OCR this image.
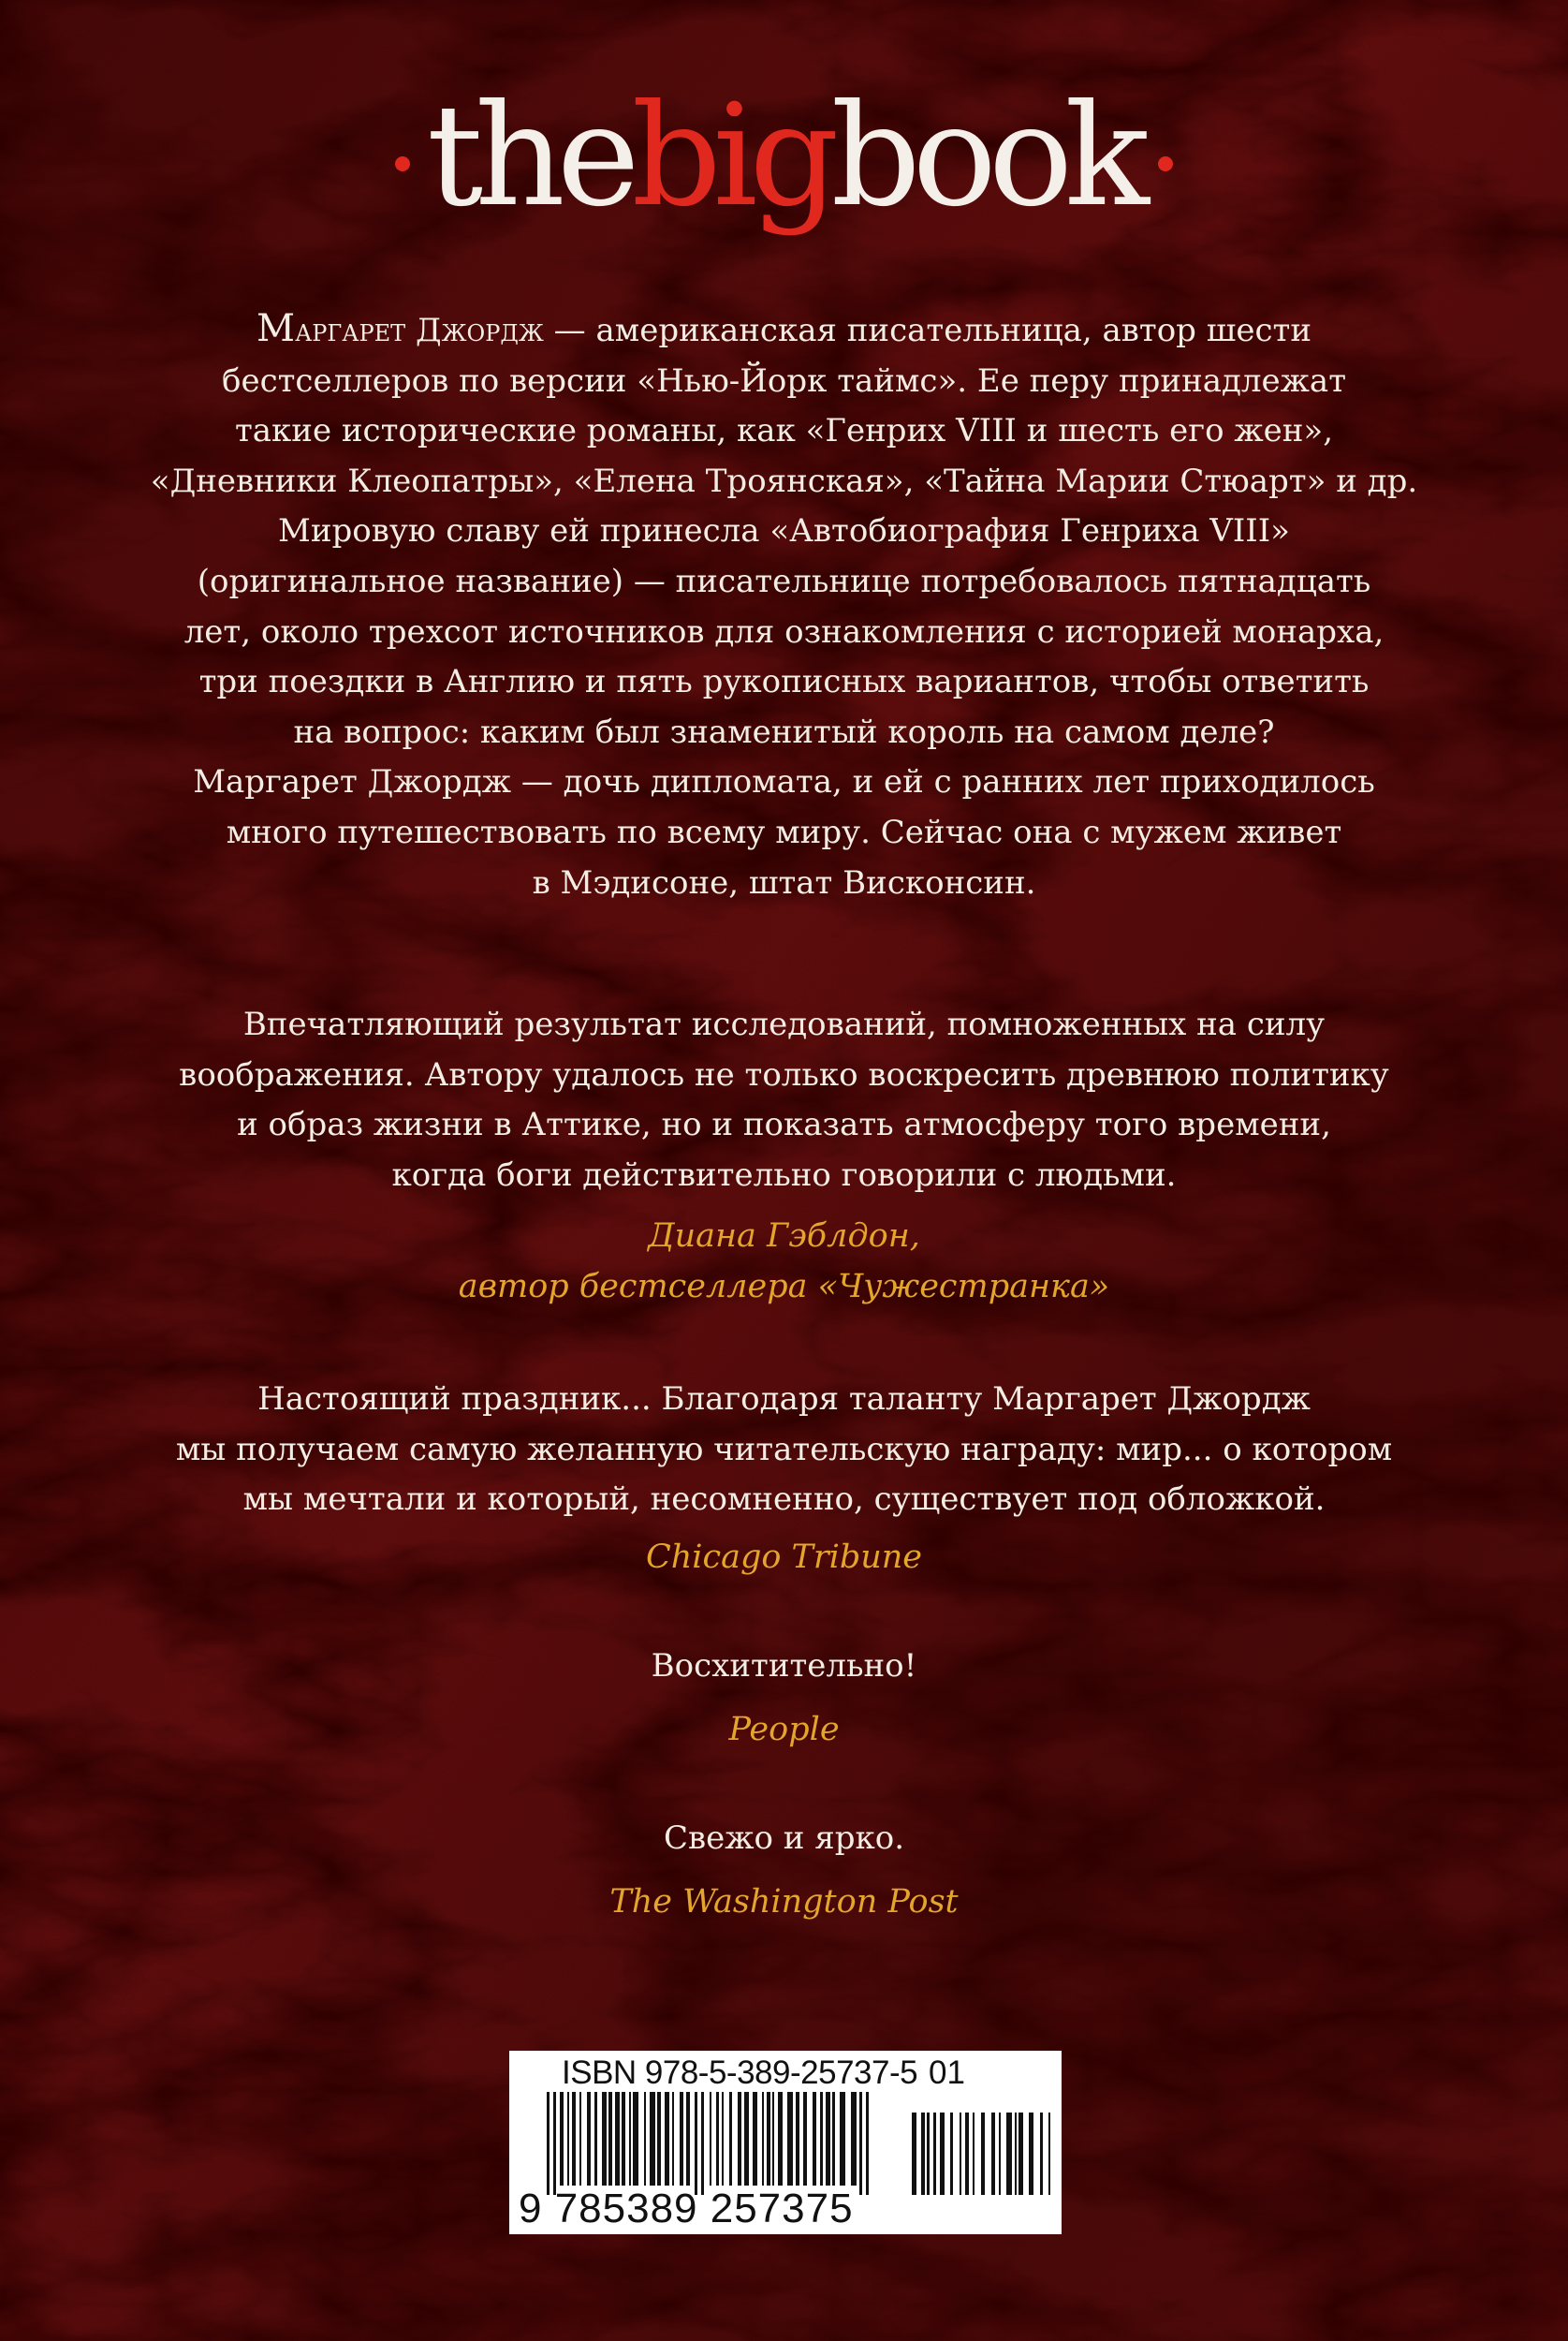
thebigbook
Маргарет Джордж — американская писательница, автор шести
бестселлеров по версии «Нью-Йорк таймс». Ее перу принадлежат
такие исторические романы, как «Генрих VIII и шесть его жен»,
«Дневники Клеопатры», «Елена Троянская», «Тайна Марии Стюарт» и др.
Мировую славу ей принесла «Автобиография Генриха VIII»
(оригинальное название) — писательнице потребовалось пятнадцать
лет, около трехсот источников для ознакомления с историей монарха,
три поездки в Англию и пять рукописных вариантов, чтобы ответить
на вопрос: каким был знаменитый король на самом деле?
Маргарет Джордж — дочь дипломата, и ей с ранних лет приходилось
много путешествовать по всему миру. Сейчас она с мужем живет
в Мэдисоне, штат Висконсин.
Впечатляющий результат исследований, помноженных на силу
воображения. Автору удалось не только воскресить древнюю политику
и образ жизни в Аттике, но и показать атмосферу того времени,
когда боги действительно говорили с людьми.
Диана Гэблдон,
автор бестселлера «Чужестранка»
Настоящий праздник... Благодаря таланту Маргарет Джордж
мы получаем самую желанную читательскую награду: мир... о котором
мы мечтали и который, несомненно, существует под обложкой.
Chicago Tribune
Восхитительно!
People
Свежо и ярко.
The Washington Post
ISBN 978-5-389-25737-5 01
9 785389 257375
